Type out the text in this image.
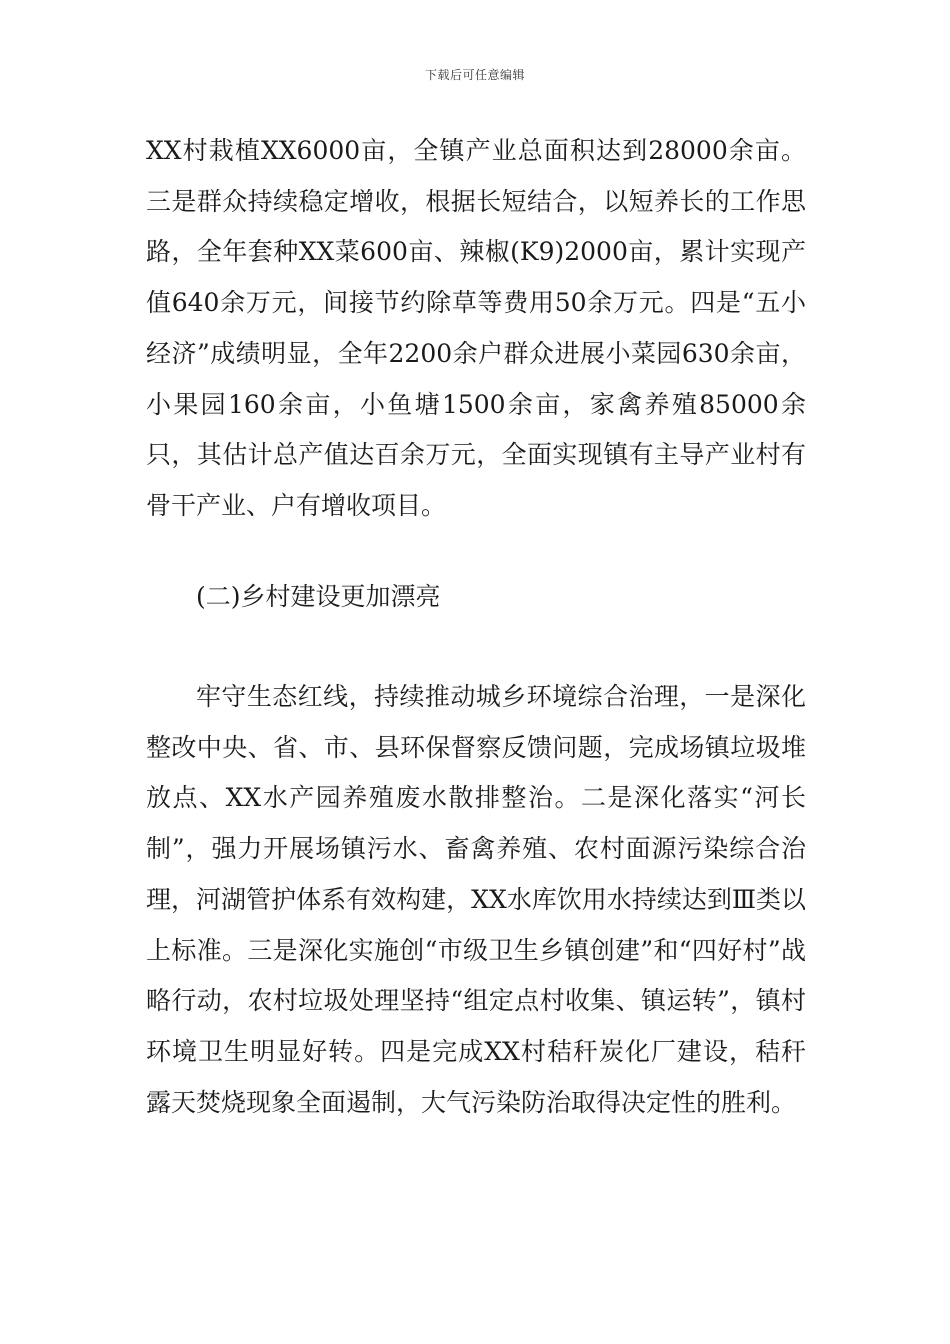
下载后可任意编辑

XX村栽植XX6000亩，全镇产业总面积达到28000余亩。三是群众持续稳定增收，根据长短结合，以短养长的工作思路，全年套种XX菜600亩、辣椒(K9)2000亩，累计实现产值640余万元，间接节约除草等费用50余万元。四是“五小经济”成绩明显，全年2200余户群众进展小菜园630余亩，小果园160余亩，小鱼塘1500余亩，家禽养殖85000余只，其估计总产值达百余万元，全面实现镇有主导产业村有骨干产业、户有增收项目。

(二)乡村建设更加漂亮

牢守生态红线，持续推动城乡环境综合治理，一是深化整改中央、省、市、县环保督察反馈问题，完成场镇垃圾堆放点、XX水产园养殖废水散排整治。二是深化落实“河长制”，强力开展场镇污水、畜禽养殖、农村面源污染综合治理，河湖管护体系有效构建，XX水库饮用水持续达到Ⅲ类以上标准。三是深化实施创“市级卫生乡镇创建”和“四好村”战略行动，农村垃圾处理坚持“组定点村收集、镇运转”，镇村环境卫生明显好转。四是完成XX村秸秆炭化厂建设，秸秆露天焚烧现象全面遏制，大气污染防治取得决定性的胜利。
